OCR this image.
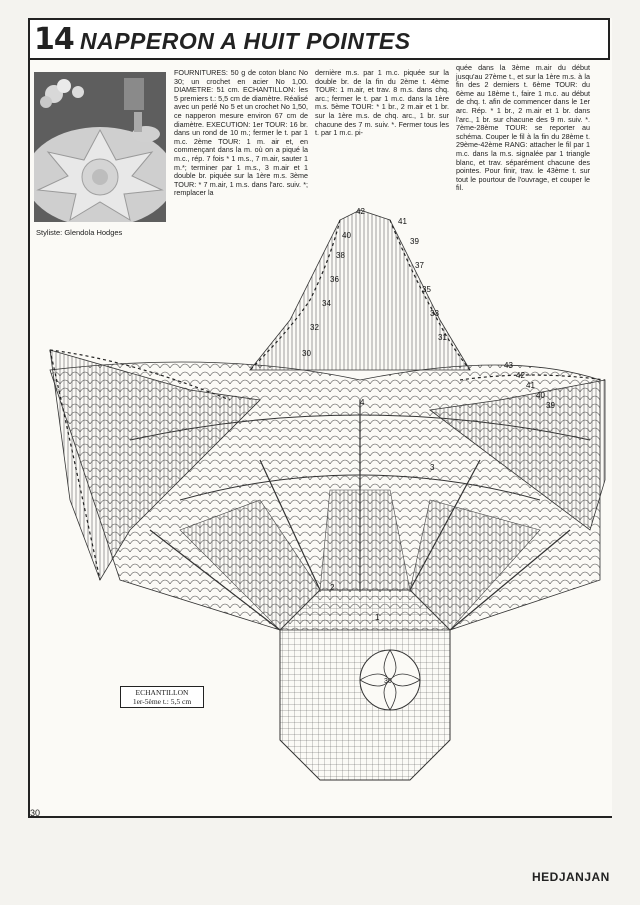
14 NAPPERON A HUIT POINTES
Styliste: Glendola Hodges
FOURNITURES: 50 g de coton blanc No 30; un crochet en acier No 1,00. DIAMETRE: 51 cm. ECHANTILLON: les 5 premiers t.: 5,5 cm de diamètre. Réalisé avec un perlé No 5 et un crochet No 1,50, ce napperon mesure environ 67 cm de diamètre. EXECUTION: 1er TOUR: 16 br. dans un rond de 10 m.; fermer le t. par 1 m.c. 2ème TOUR: 1 m. air et, en commençant dans la m. où on a piqué la m.c., rép. 7 fois * 1 m.s., 7 m.air, sauter 1 m.*; terminer par 1 m.s., 3 m.air et 1 double br. piquée sur la 1ère m.s. 3ème TOUR: * 7 m.air, 1 m.s. dans l'arc. suiv. *; remplacer la
dernière m.s. par 1 m.c. piquée sur la double br. de la fin du 2ème t. 4ème TOUR: 1 m.air, et trav. 8 m.s. dans chq. arc.; fermer le t. par 1 m.c. dans la 1ère m.s. 5ème TOUR: * 1 br., 2 m.air et 1 br. sur la 1ère m.s. de chq. arc., 1 br. sur chacune des 7 m. suiv. *. Fermer tous les t. par 1 m.c. pi-
quée dans la 3ème m.air du début jusqu'au 27ème t., et sur la 1ère m.s. à la fin des 2 derniers t. 6ème TOUR: du 6ème au 18ème t., faire 1 m.c. au début de chq. t. afin de commencer dans le 1er arc. Rép. * 1 br., 2 m.air et 1 br. dans l'arc., 1 br. sur chacune des 9 m. suiv. *. 7ème-28ème TOUR: se reporter au schéma. Couper le fil à la fin du 28ème t. 29ème-42ème RANG: attacher le fil par 1 m.c. dans la m.s. signalée par 1 triangle blanc, et trav. séparément chacune des pointes. Pour finir, trav. le 43ème t. sur tout le pourtour de l'ouvrage, et couper le fil.
42
41
40
39
38
37
36
35
34
33
32
31
30
43
42
41
40
39
30
4
3
2
1
ECHANTILLON
1er-5ème t.: 5,5 cm
30
HEDJANJAN
